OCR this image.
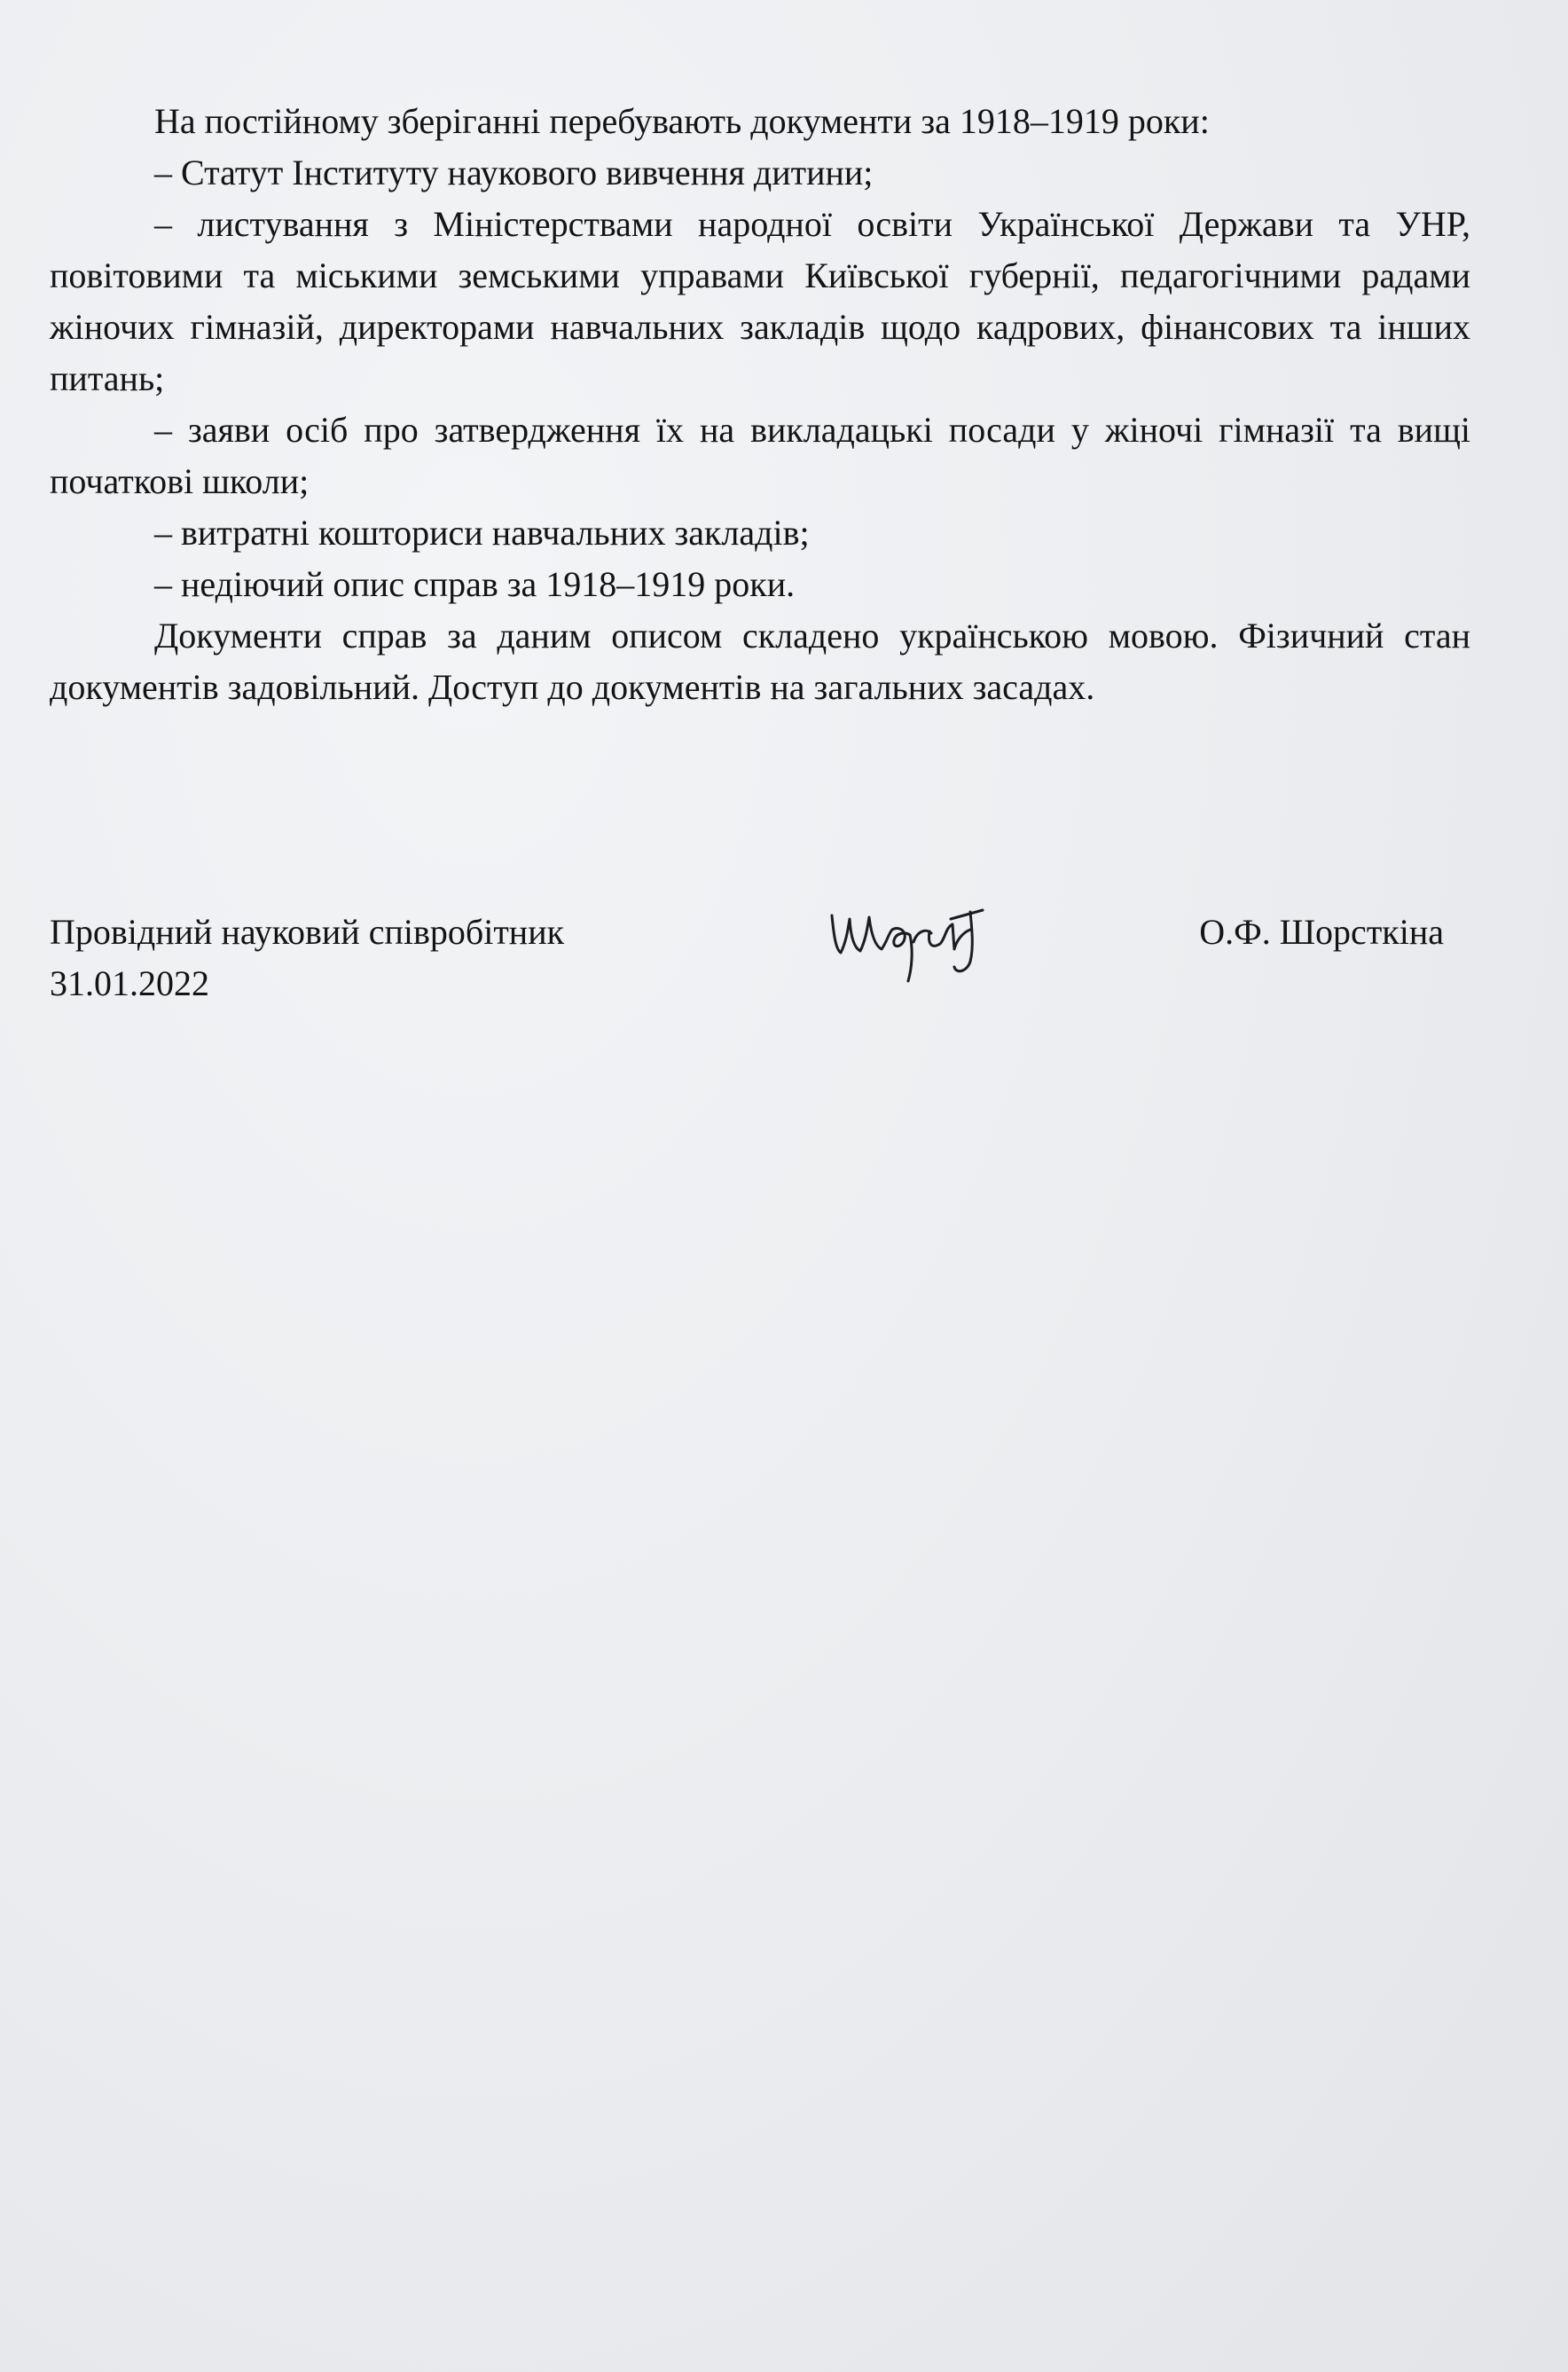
На постійному зберіганні перебувають документи за 1918–1919 роки:

– Статут Інституту наукового вивчення дитини;

– листування з Міністерствами народної освіти Української Держави та УНР, повітовими та міськими земськими управами Київської губернії, педагогічними радами жіночих гімназій, директорами навчальних закладів щодо кадрових, фінансових та інших питань;

– заяви осіб про затвердження їх на викладацькі посади у жіночі гімназії та вищі початкові школи;

– витратні кошториси навчальних закладів;

– недіючий опис справ за 1918–1919 роки.

Документи справ за даним описом складено українською мовою. Фізичний стан документів задовільний. Доступ до документів на загальних засадах.

Провідний науковий співробітник
31.01.2022
О.Ф. Шорсткіна
